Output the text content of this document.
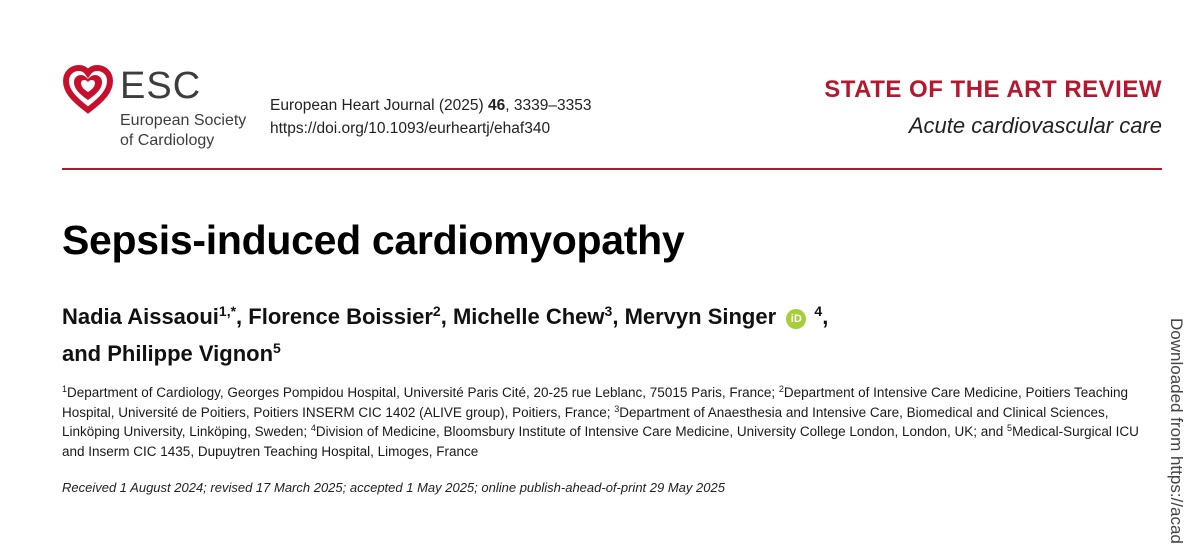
ESC
European Society
of Cardiology
European Heart Journal (2025) 46, 3339–3353
https://doi.org/10.1093/eurheartj/ehaf340
STATE OF THE ART REVIEW
Acute cardiovascular care
Sepsis-induced cardiomyopathy
Nadia Aissaoui$^{1,*}$, Florence Boissier$^2$, Michelle Chew$^3$, Mervyn Singer iD $^4$,
and Philippe Vignon$^5$
$^1$Department of Cardiology, Georges Pompidou Hospital, Université Paris Cité, 20-25 rue Leblanc, 75015 Paris, France; $^2$Department of Intensive Care Medicine, Poitiers Teaching Hospital, Université de Poitiers, Poitiers INSERM CIC 1402 (ALIVE group), Poitiers, France; $^3$Department of Anaesthesia and Intensive Care, Biomedical and Clinical Sciences, Linköping University, Linköping, Sweden; $^4$Division of Medicine, Bloomsbury Institute of Intensive Care Medicine, University College London, London, UK; and $^5$Medical-Surgical ICU and Inserm CIC 1435, Dupuytren Teaching Hospital, Limoges, France
Received 1 August 2024; revised 17 March 2025; accepted 1 May 2025; online publish-ahead-of-print 29 May 2025	Downloaded from https://acad
